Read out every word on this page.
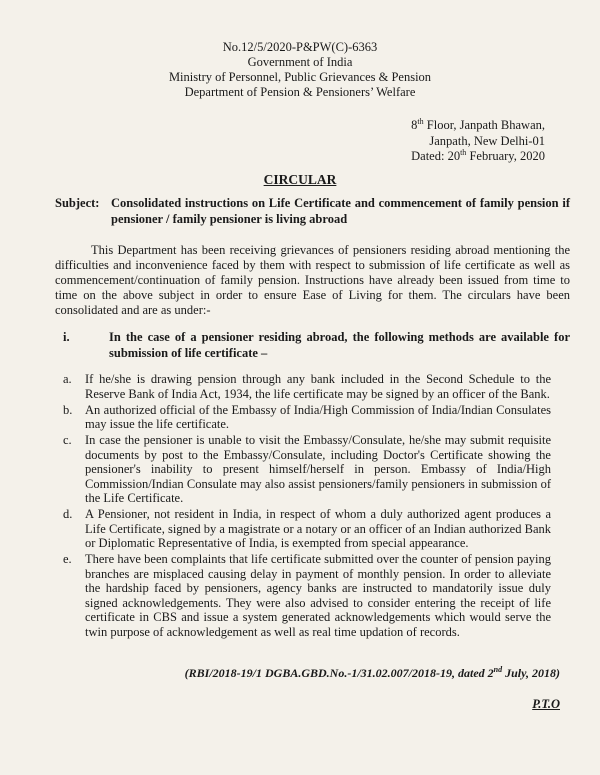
No.12/5/2020-P&PW(C)-6363
Government of India
Ministry of Personnel, Public Grievances & Pension
Department of Pension & Pensioners’ Welfare
8th Floor, Janpath Bhawan,
Janpath, New Delhi-01
Dated: 20th February, 2020
CIRCULAR
Subject: Consolidated instructions on Life Certificate and commencement of family pension if pensioner / family pensioner is living abroad
This Department has been receiving grievances of pensioners residing abroad mentioning the difficulties and inconvenience faced by them with respect to submission of life certificate as well as commencement/continuation of family pension. Instructions have already been issued from time to time on the above subject in order to ensure Ease of Living for them. The circulars have been consolidated and are as under:-
i.	In the case of a pensioner residing abroad, the following methods are available for submission of life certificate –
a. If he/she is drawing pension through any bank included in the Second Schedule to the Reserve Bank of India Act, 1934, the life certificate may be signed by an officer of the Bank.
b. An authorized official of the Embassy of India/High Commission of India/Indian Consulates may issue the life certificate.
c. In case the pensioner is unable to visit the Embassy/Consulate, he/she may submit requisite documents by post to the Embassy/Consulate, including Doctor's Certificate showing the pensioner's inability to present himself/herself in person. Embassy of India/High Commission/Indian Consulate may also assist pensioners/family pensioners in submission of the Life Certificate.
d. A Pensioner, not resident in India, in respect of whom a duly authorized agent produces a Life Certificate, signed by a magistrate or a notary or an officer of an Indian authorized Bank or Diplomatic Representative of India, is exempted from special appearance.
e. There have been complaints that life certificate submitted over the counter of pension paying branches are misplaced causing delay in payment of monthly pension. In order to alleviate the hardship faced by pensioners, agency banks are instructed to mandatorily issue duly signed acknowledgements. They were also advised to consider entering the receipt of life certificate in CBS and issue a system generated acknowledgements which would serve the twin purpose of acknowledgement as well as real time updation of records.
(RBI/2018-19/1 DGBA.GBD.No.-1/31.02.007/2018-19, dated 2nd July, 2018)
P.T.O
